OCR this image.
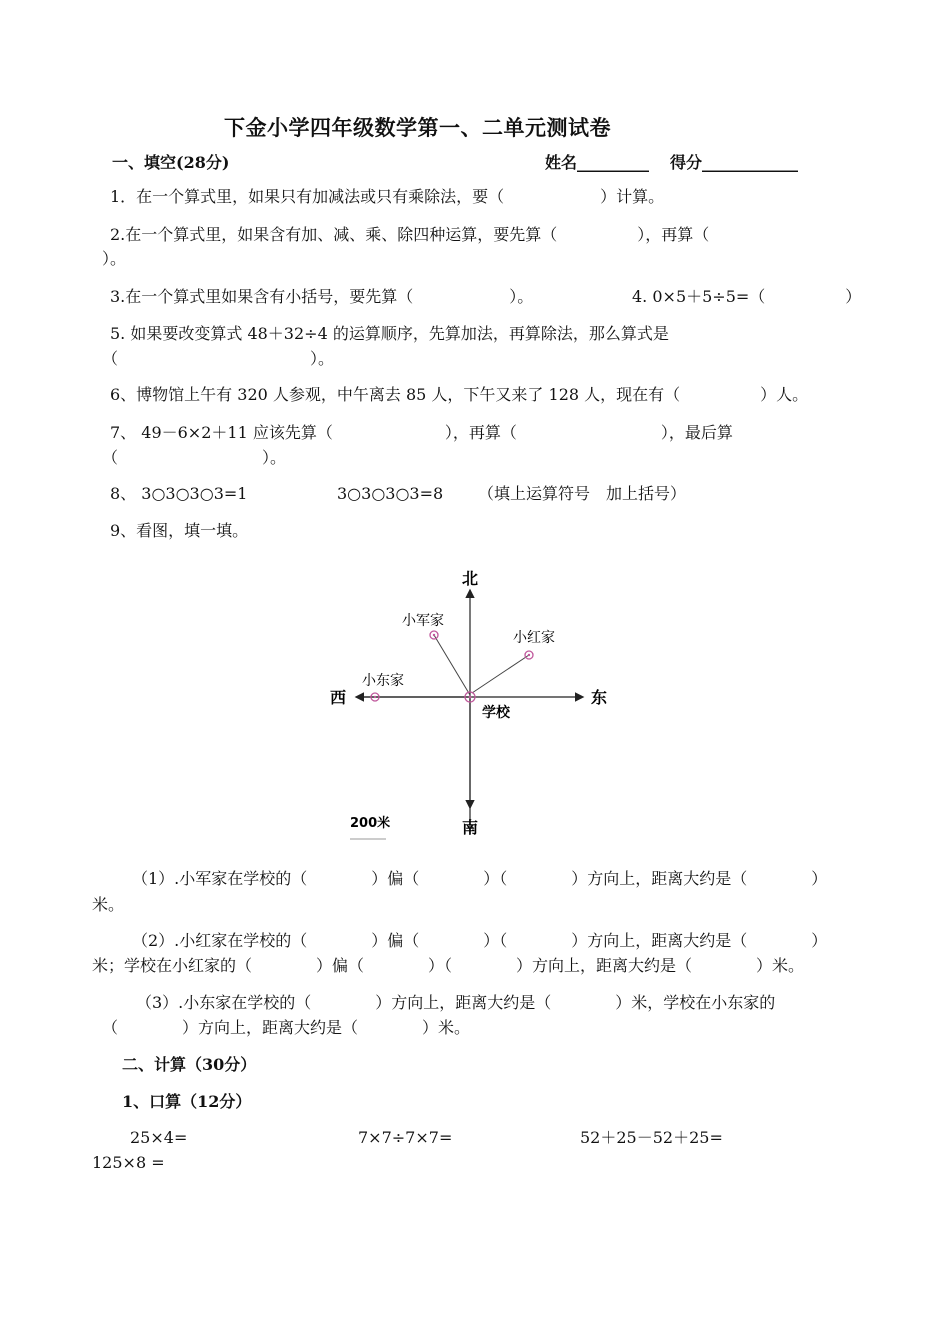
下金小学四年级数学第一、二单元测试卷
一、填空(28分)	姓名_________ 得分____________
1．在一个算式里，如果只有加减法或只有乘除法，要（　　　　　　）计算。
2.在一个算式里，如果含有加、减、乘、除四种运算，要先算（　　　　　），再算（
）。
3.在一个算式里如果含有小括号，要先算（　　　　　　）。	4. 0×5＋5÷5=（　　　　　）
5. 如果要改变算式 48＋32÷4 的运算顺序，先算加法，再算除法，那么算式是
（　　　　　　　　　　　　）。
6、博物馆上午有 320 人参观，中午离去 85 人，下午又来了 128 人，现在有（　　　　　）人。
7、 49－6×2＋11 应该先算（　　　　　　　），再算（　　　　　　　　　），最后算
（　　　　　　　　　）。
8、 3○3○3○3=1	3○3○3○3=8 （填上运算符号　加上括号）
9、看图，填一填。
北
南
东
西
小军家
小红家
小东家
学校
200米
（1）.小军家在学校的（　　　　）偏（　　　　）（　　　　）方向上，距离大约是（　　　　）
米。
（2）.小红家在学校的（　　　　）偏（　　　　）（　　　　）方向上，距离大约是（　　　　）
米；学校在小红家的（　　　　）偏（　　　　）（　　　　）方向上，距离大约是（　　　　）米。
（3）.小东家在学校的（　　　　）方向上，距离大约是（　　　　）米，学校在小东家的
（　　　　）方向上，距离大约是（　　　　）米。
二、计算（30分）
1、口算（12分）
25×4=	7×7÷7×7=	52＋25－52＋25=
125×8 =
